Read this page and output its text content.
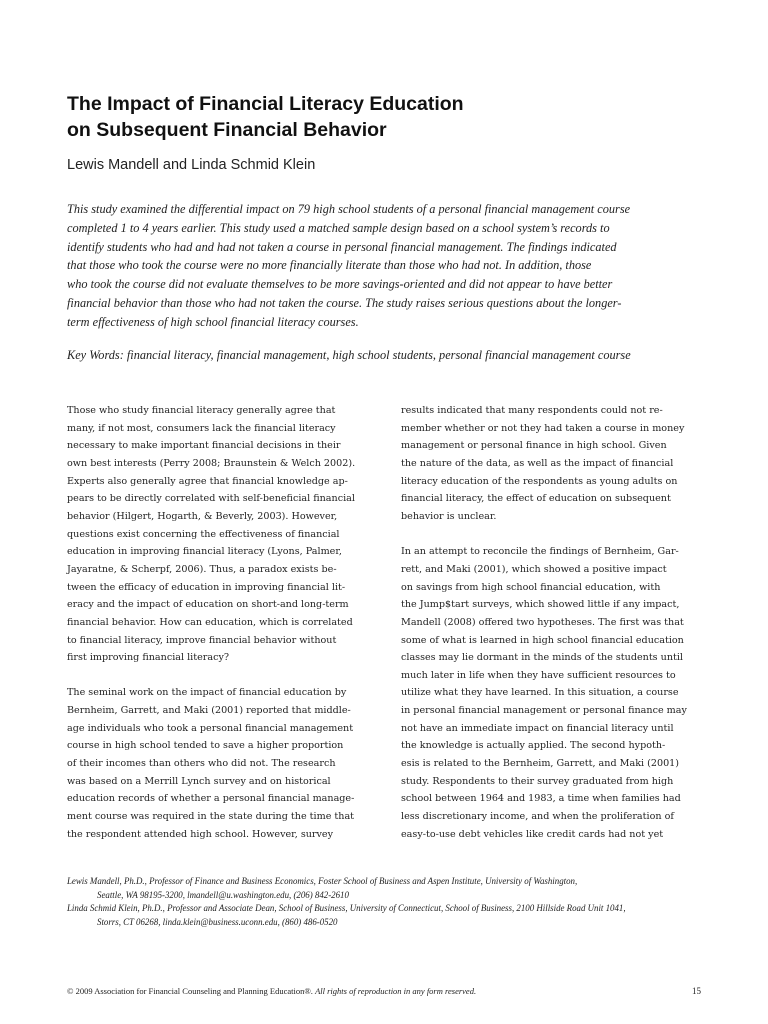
The Impact of Financial Literacy Education
on Subsequent Financial Behavior
Lewis Mandell and Linda Schmid Klein
This study examined the differential impact on 79 high school students of a personal financial management course
completed 1 to 4 years earlier. This study used a matched sample design based on a school system’s records to
identify students who had and had not taken a course in personal financial management. The findings indicated
that those who took the course were no more financially literate than those who had not. In addition, those
who took the course did not evaluate themselves to be more savings-oriented and did not appear to have better
financial behavior than those who had not taken the course. The study raises serious questions about the longer-
term effectiveness of high school financial literacy courses.
Key Words: financial literacy, financial management, high school students, personal financial management course
Those who study financial literacy generally agree that
many, if not most, consumers lack the financial literacy
necessary to make important financial decisions in their
own best interests (Perry 2008; Braunstein & Welch 2002).
Experts also generally agree that financial knowledge ap-
pears to be directly correlated with self-beneficial financial
behavior (Hilgert, Hogarth, & Beverly, 2003). However,
questions exist concerning the effectiveness of financial
education in improving financial literacy (Lyons, Palmer,
Jayaratne, & Scherpf, 2006). Thus, a paradox exists be-
tween the efficacy of education in improving financial lit-
eracy and the impact of education on short-and long-term
financial behavior. How can education, which is correlated
to financial literacy, improve financial behavior without
first improving financial literacy?
The seminal work on the impact of financial education by
Bernheim, Garrett, and Maki (2001) reported that middle-
age individuals who took a personal financial management
course in high school tended to save a higher proportion
of their incomes than others who did not. The research
was based on a Merrill Lynch survey and on historical
education records of whether a personal financial manage-
ment course was required in the state during the time that
the respondent attended high school. However, survey
results indicated that many respondents could not re-
member whether or not they had taken a course in money
management or personal finance in high school. Given
the nature of the data, as well as the impact of financial
literacy education of the respondents as young adults on
financial literacy, the effect of education on subsequent
behavior is unclear.
In an attempt to reconcile the findings of Bernheim, Gar-
rett, and Maki (2001), which showed a positive impact
on savings from high school financial education, with
the Jump$tart surveys, which showed little if any impact,
Mandell (2008) offered two hypotheses. The first was that
some of what is learned in high school financial education
classes may lie dormant in the minds of the students until
much later in life when they have sufficient resources to
utilize what they have learned. In this situation, a course
in personal financial management or personal finance may
not have an immediate impact on financial literacy until
the knowledge is actually applied. The second hypoth-
esis is related to the Bernheim, Garrett, and Maki (2001)
study. Respondents to their survey graduated from high
school between 1964 and 1983, a time when families had
less discretionary income, and when the proliferation of
easy-to-use debt vehicles like credit cards had not yet
Lewis Mandell, Ph.D., Professor of Finance and Business Economics, Foster School of Business and Aspen Institute, University of Washington,
Seattle, WA 98195-3200, lmandell@u.washington.edu, (206) 842-2610
Linda Schmid Klein, Ph.D., Professor and Associate Dean, School of Business, University of Connecticut, School of Business, 2100 Hillside Road Unit 1041,
Storrs, CT 06268, linda.klein@business.uconn.edu, (860) 486-0520
© 2009 Association for Financial Counseling and Planning Education®. All rights of reproduction in any form reserved.	15
